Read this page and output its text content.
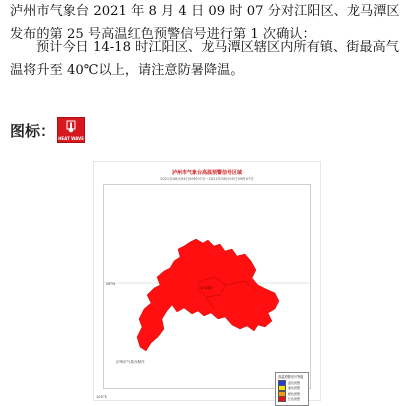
泸州市气象台 2021 年 8 月 4 日 09 时 07 分对江阳区、龙马潭区发布的第 25 号高温红色预警信号进行第 1 次确认：

预计今日 14-18 时江阳区、龙马潭区辖区内所有镇、街最高气温将升至 40℃以上，请注意防暑降温。

图标： HEAT WAVE
泸州市气象台高温预警信号区域
2021年08月04日09时07分~2021年08月05日09时07分
龙马潭区
28°N
泸州市气象台制作
高温预警信号等级
蓝色预警
黄色预警
橙色预警
红色预警
105°E
